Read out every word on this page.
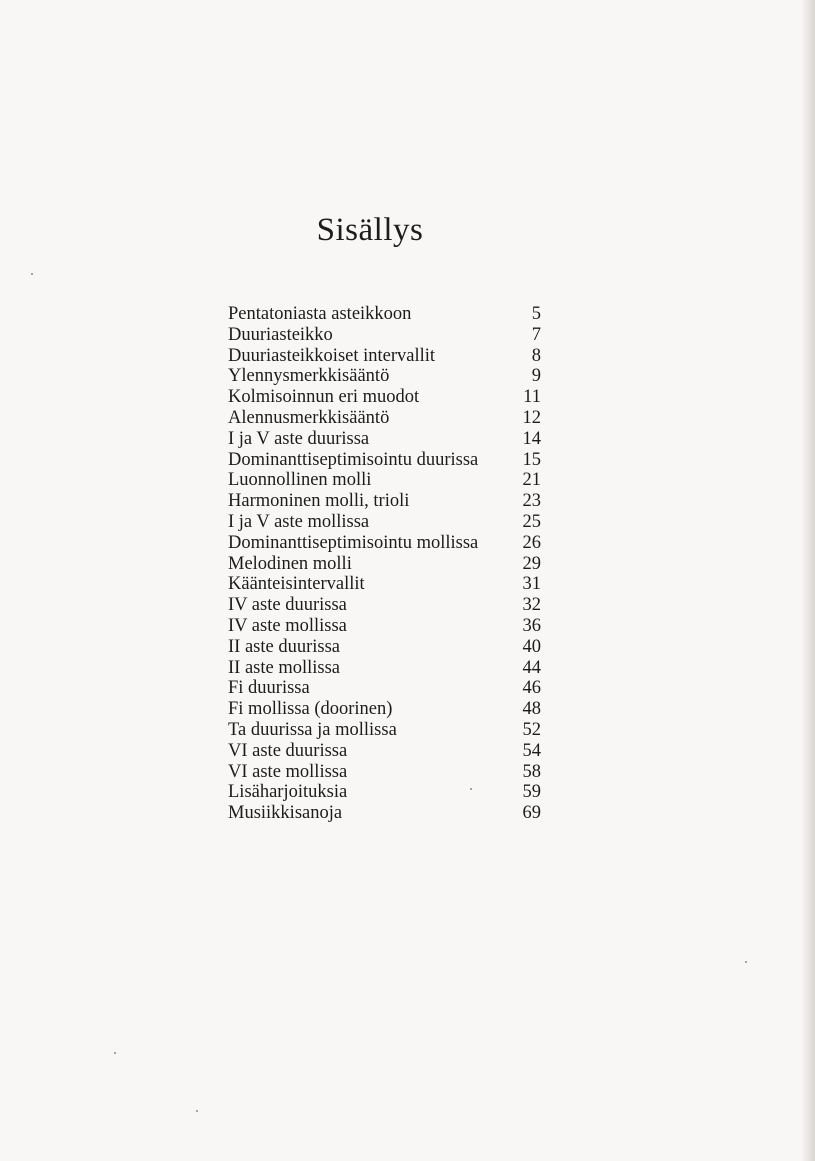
Sisällys
Pentatoniasta asteikkoon	5
Duuriasteikko	7
Duuriasteikkoiset intervallit	8
Ylennysmerkkisääntö	9
Kolmisoinnun eri muodot	11
Alennusmerkkisääntö	12
I ja V aste duurissa	14
Dominanttiseptimisointu duurissa 15
Luonnollinen molli	21
Harmoninen molli, trioli	23
I ja V aste mollissa	25
Dominanttiseptimisointu mollissa 26
Melodinen molli	29
Käänteisintervallit	31
IV aste duurissa	32
IV aste mollissa	36
II aste duurissa	40
II aste mollissa	44
Fi duurissa	46
Fi mollissa (doorinen)	48
Ta duurissa ja mollissa	52
VI aste duurissa	54
VI aste mollissa	58
Lisäharjoituksia	59
Musiikkisanoja	69
